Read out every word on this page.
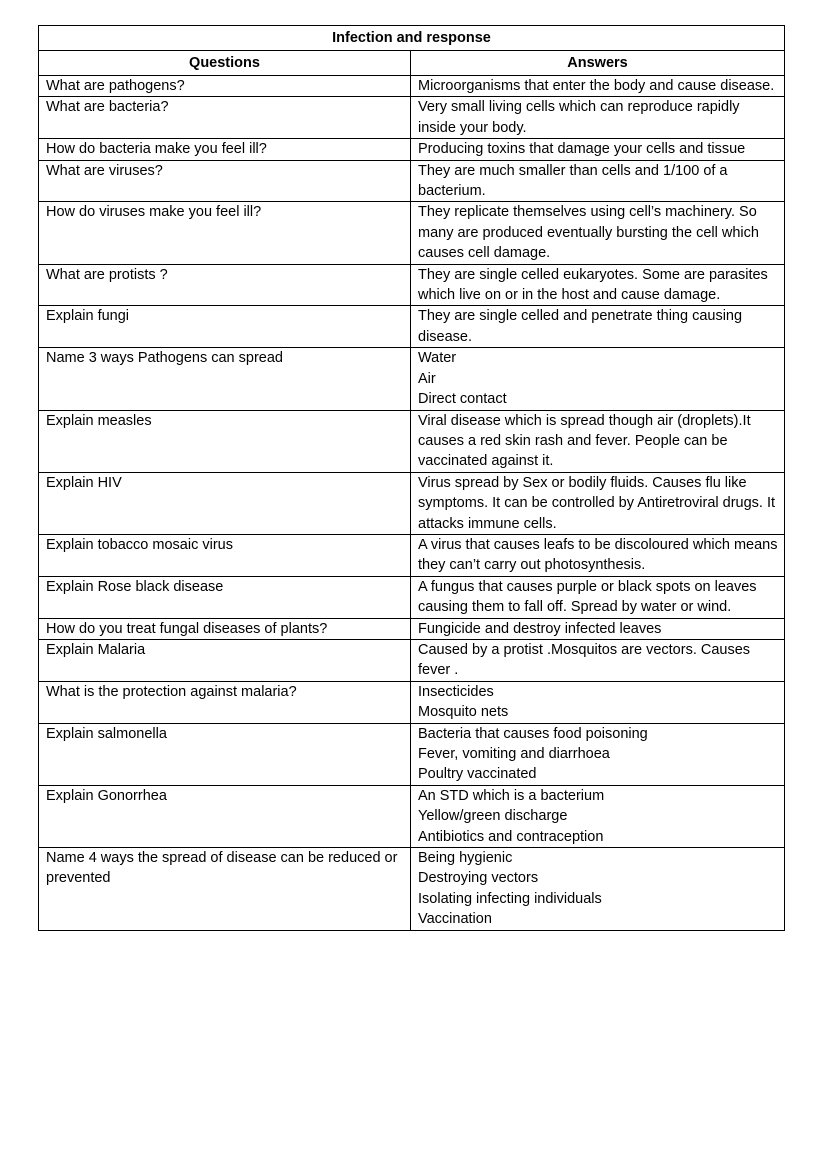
Infection and response	
Questions	Answers
What are pathogens?	Microorganisms that enter the body and cause disease.

What are bacteria?	Very small living cells which can reproduce rapidly inside your body.

How do bacteria make you feel ill?	Producing toxins that damage your cells and tissue

What are viruses?	They are much smaller than cells and 1/100 of a bacterium.

How do viruses make you feel ill?	They replicate themselves using cell’s machinery. So many are produced eventually bursting the cell which causes cell damage.

What are protists ?	They are single celled eukaryotes. Some are parasites which live on or in the host and cause damage.

Explain fungi	They are single celled and penetrate thing causing disease.

Name 3 ways Pathogens can spread	Water
Air
Direct contact

Explain measles	Viral disease which is spread though air (droplets).It causes a red skin rash and fever. People can be vaccinated against it.

Explain HIV	Virus spread by Sex or bodily fluids. Causes flu like symptoms. It can be controlled by Antiretroviral drugs. It attacks immune cells.

Explain tobacco mosaic virus	A virus that causes leafs to be discoloured which means they can’t carry out photosynthesis.

Explain Rose black disease	A fungus that causes purple or black spots on leaves causing them to fall off. Spread by water or wind.

How do you treat fungal diseases of plants?	Fungicide and destroy infected leaves

Explain Malaria	Caused by a protist .Mosquitos are vectors. Causes fever .

What is the protection against malaria?	Insecticides
Mosquito nets

Explain salmonella	Bacteria that causes food poisoning
Fever, vomiting and diarrhoea
Poultry vaccinated

Explain Gonorrhea	An STD which is a bacterium
Yellow/green discharge
Antibiotics and contraception

Name 4 ways the spread of disease can be reduced or prevented	Being hygienic
Destroying vectors
Isolating infecting individuals
Vaccination
